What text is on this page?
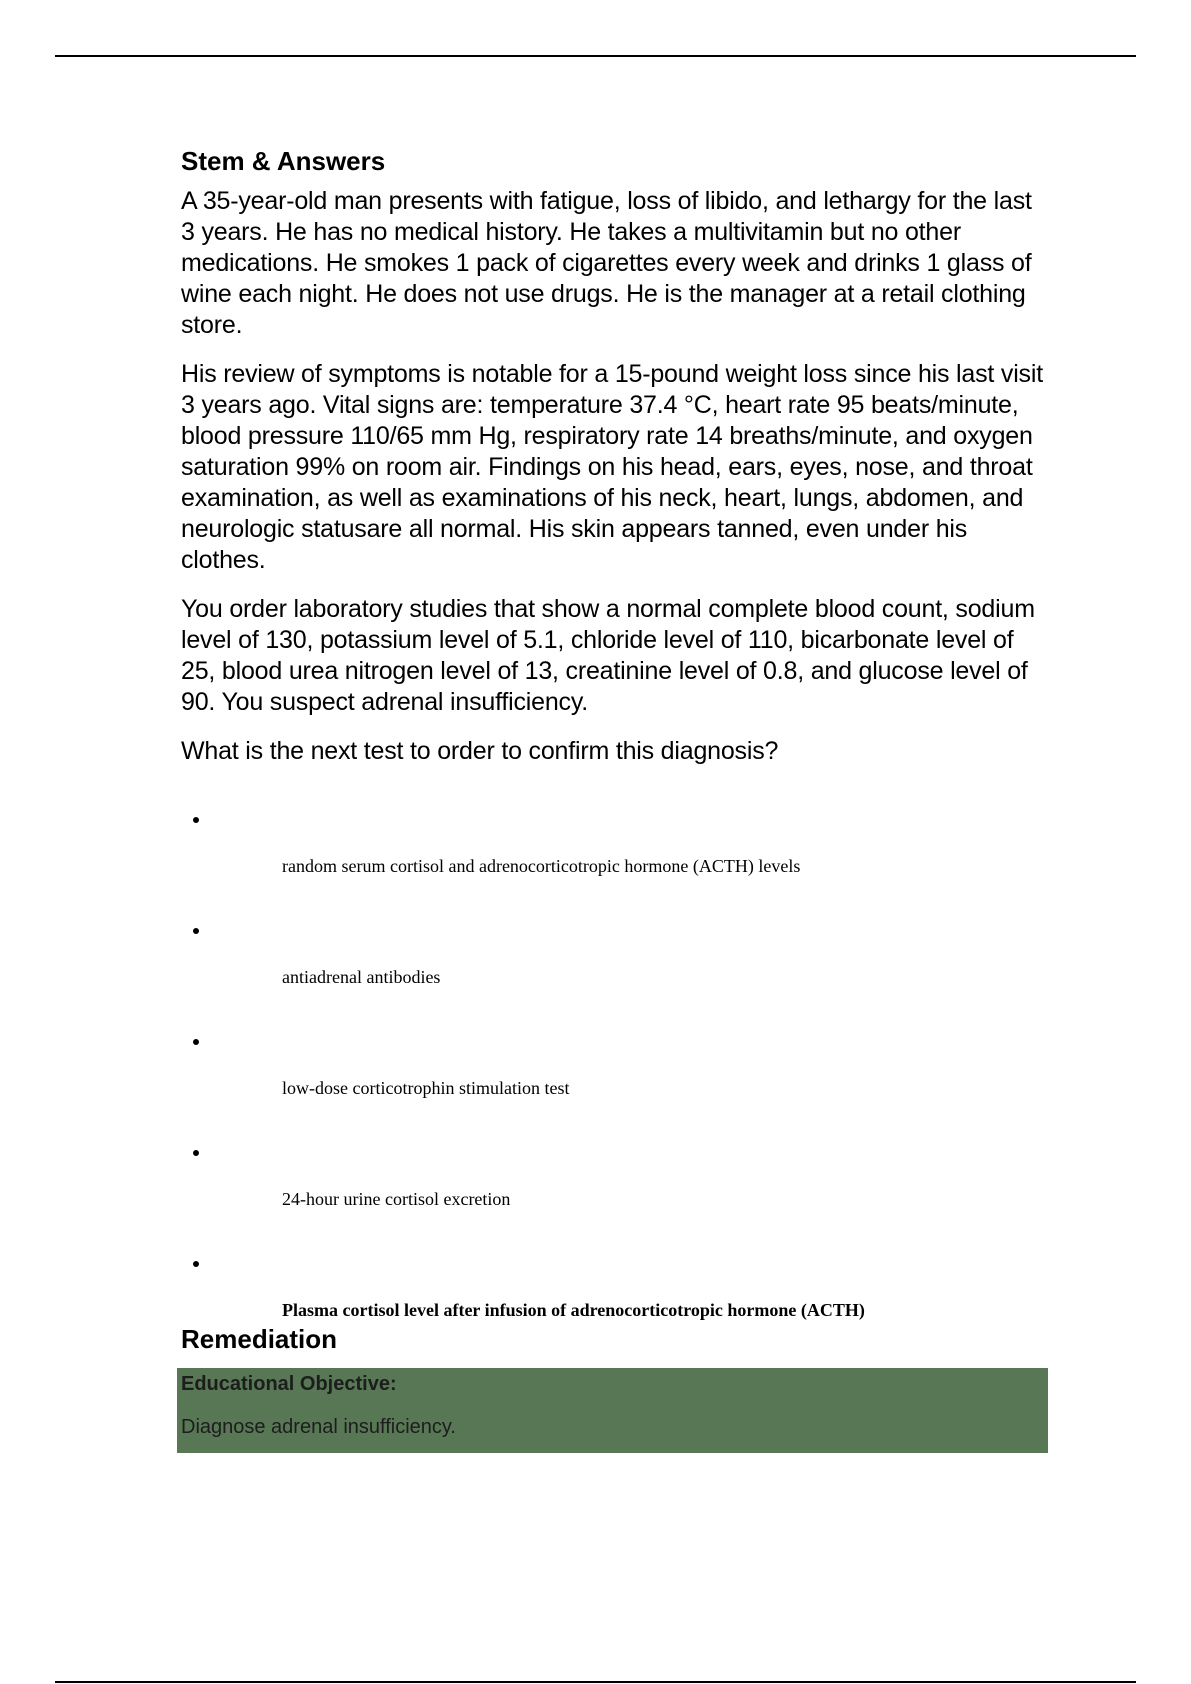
Stem & Answers

A 35-year-old man presents with fatigue, loss of libido, and lethargy for the last 3 years. He has no medical history. He takes a multivitamin but no other medications. He smokes 1 pack of cigarettes every week and drinks 1 glass of wine each night. He does not use drugs. He is the manager at a retail clothing store.

His review of symptoms is notable for a 15-pound weight loss since his last visit 3 years ago. Vital signs are: temperature 37.4 °C, heart rate 95 beats/minute, blood pressure 110/65 mm Hg, respiratory rate 14 breaths/minute, and oxygen saturation 99% on room air. Findings on his head, ears, eyes, nose, and throat examination, as well as examinations of his neck, heart, lungs, abdomen, and neurologic statusare all normal. His skin appears tanned, even under his clothes.

You order laboratory studies that show a normal complete blood count, sodium level of 130, potassium level of 5.1, chloride level of 110, bicarbonate level of 25, blood urea nitrogen level of 13, creatinine level of 0.8, and glucose level of 90. You suspect adrenal insufficiency.

What is the next test to order to confirm this diagnosis?

random serum cortisol and adrenocorticotropic hormone (ACTH) levels
antiadrenal antibodies
low-dose corticotrophin stimulation test
24-hour urine cortisol excretion
Plasma cortisol level after infusion of adrenocorticotropic hormone (ACTH)
Remediation
Educational Objective:
Diagnose adrenal insufficiency.
